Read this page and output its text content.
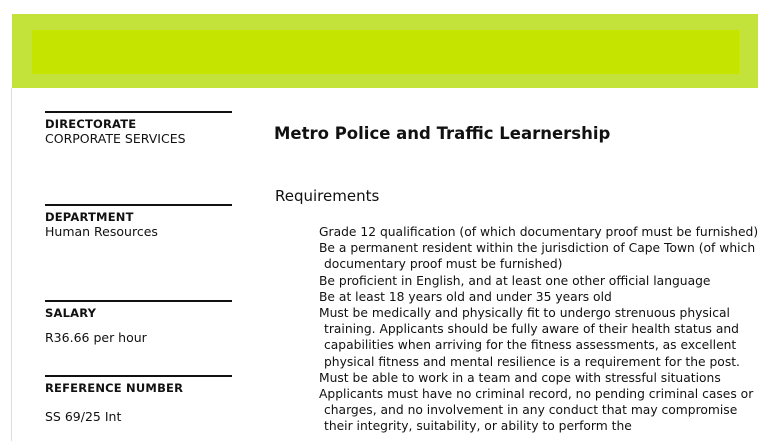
DIRECTORATE
CORPORATE SERVICES
DEPARTMENT
Human Resources
SALARY
R36.66 per hour
REFERENCE NUMBER
SS 69/25 Int
Metro Police and Traffic Learnership
Requirements
Grade 12 qualification (of which documentary proof must be furnished)
Be a permanent resident within the jurisdiction of Cape Town (of which documentary proof must be furnished)
Be proficient in English, and at least one other official language
Be at least 18 years old and under 35 years old
Must be medically and physically fit to undergo strenuous physical training. Applicants should be fully aware of their health status and capabilities when arriving for the fitness assessments, as excellent physical fitness and mental resilience is a requirement for the post.
Must be able to work in a team and cope with stressful situations
Applicants must have no criminal record, no pending criminal cases or charges, and no involvement in any conduct that may compromise their integrity, suitability, or ability to perform the
